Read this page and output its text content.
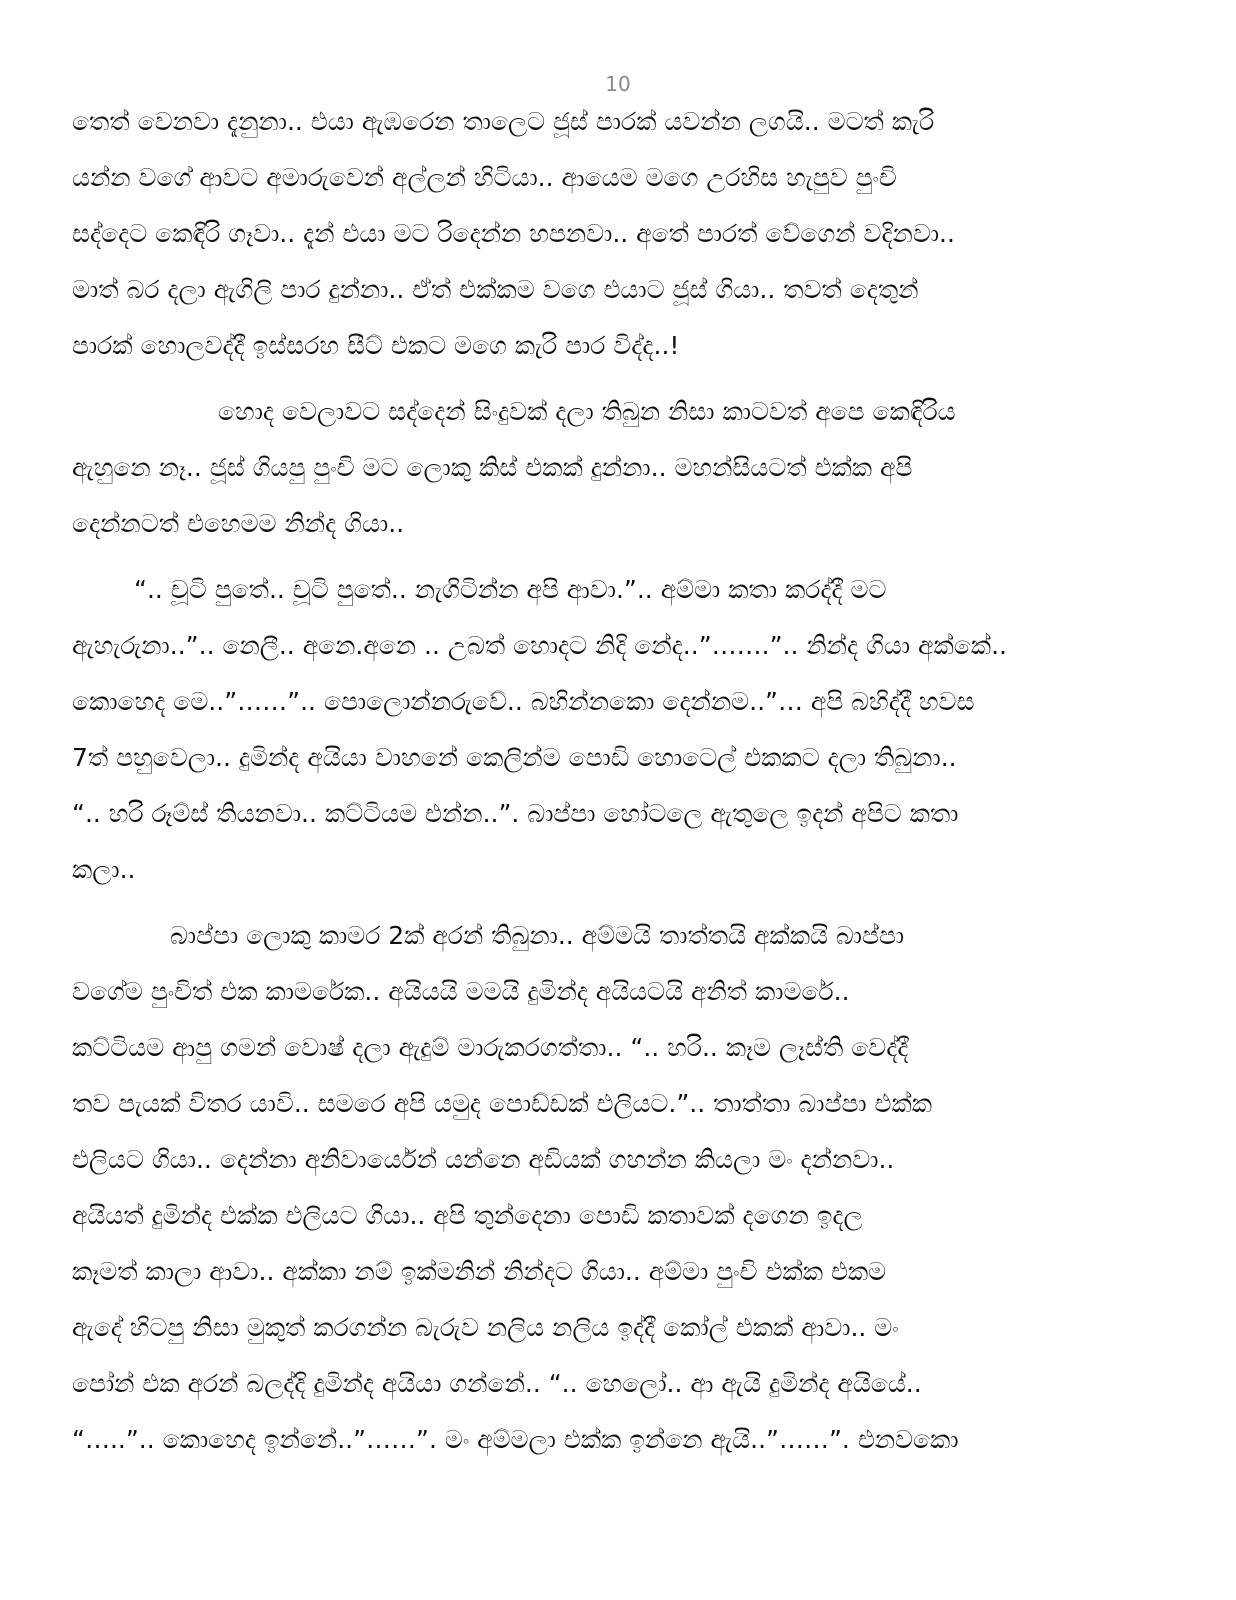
10
තෙත් වෙනවා දැනුනා.. එයා ඇඹරෙන තාලෙට ජූස් පාරක් යවන්න ලගයි.. මටත් කැරි
යන්න වගේ ආවට අමාරුවෙන් අල්ලන් හිටියා.. ආයෙම මගෙ උරහිස හැපුව පුංචි
සද්දෙට කෙඳිරි ගෑවා.. දැන් එයා මට රිදෙන්න හපනවා.. අතේ පාරත් වේගෙන් වදිනවා..
මාත් බර දලා ඇගිලි පාර දුන්නා.. ඒත් එක්කම වගෙ එයාට ජූස් ගියා.. තවත් දෙතුන්
පාරක් හොලවද්දී ඉස්සරහ සීට් එකට මගෙ කැරි පාර විද්ද..!
හොද වෙලාවට සද්දෙන් සිංදුවක් දලා තිබුන නිසා කාටවත් අපෙ කෙඳිරිය
ඇහුනෙ නෑ.. ජූස් ගියපු පුංචි මට ලොකු කිස් එකක් දුන්නා.. මහන්සියටත් එක්ක අපි
දෙන්නටත් එහෙමම නින්ද ගියා..
“.. චූටි පුතේ.. චූටි පුතේ.. නැගිටින්න අපි ආවා.”.. අම්මා කතා කරද්දී මට
ඇහැරුනා..”.. නෙලී.. අනෙ.අනෙ .. උබත් හොදට නිදි නේද..”…….”.. නින්ද ගියා අක්කේ..
කොහෙද මෙ..”……”.. පොලොන්නරුවේ.. බහින්නකො දෙන්නම..”… අපි බහිද්දී හවස
7ත් පහුවෙලා.. දුමින්ද අයියා වාහනේ කෙලින්ම පොඩි හොටෙල් එකකට දලා තිබුනා..
“.. හරි රූම්ස් තියනවා.. කට්ටියම එන්න..”. බාප්පා හෝටලෙ ඇතුලෙ ඉදන් අපිට කතා
කලා..
බාප්පා ලොකු කාමර 2ක් අරන් තිබුනා.. අම්මයි තාත්තයි අක්කයි බාප්පා
වගේම පුංචිත් එක කාමරේක.. අයියයි මමයි දුමින්ද අයියටයි අනිත් කාමරේ..
කට්ටියම ආපු ගමන් වොෂ් දලා ඇදුම් මාරුකරගත්තා.. “.. හරි.. කෑම ලෑස්ති වෙද්දී
තව පැයක් විතර යාවි.. සමරෙ අපි යමුද පොඩ්ඩක් එලියට.”.. තාත්තා බාප්පා එක්ක
එලියට ගියා.. දෙන්නා අනිවාර්යෙන් යන්නෙ අඩියක් ගහන්න කියලා මං දන්නවා..
අයියත් දුමින්ද එක්ක එලියට ගියා.. අපි තුන්දෙනා පොඩි කතාවක් දගෙන ඉදල
කෑමත් කාලා ආවා.. අක්කා නම් ඉක්මනින් නින්දට ගියා.. අම්මා පුංචි එක්ක එකම
ඇදේ හිටපු නිසා මුකුත් කරගන්න බැරුව නලිය නලිය ඉද්දී කෝල් එකක් ආවා.. මං
පෝන් එක අරන් බලද්දි දුමින්ද අයියා ගන්නේ.. “.. හෙලෝ.. ආ ඇයි දුමින්ද අයියේ..
“…..”.. කොහෙද ඉන්නේ..”……”. මං අම්මලා එක්ක ඉන්නෙ ඇයි..”……”. එනවකො
